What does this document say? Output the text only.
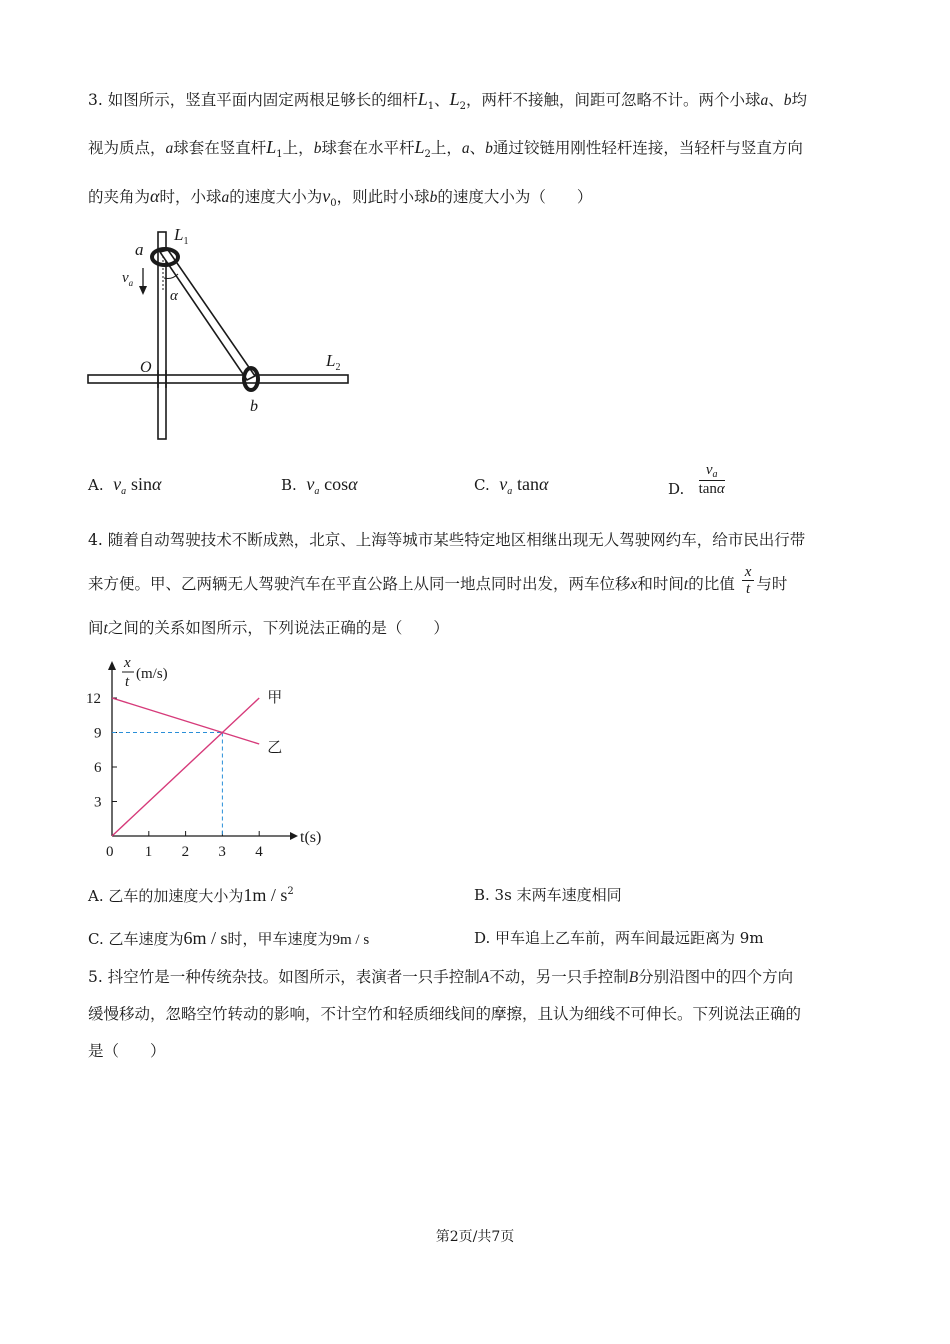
3. 如图所示，竖直平面内固定两根足够长的细杆$L_1$、$L_2$，两杆不接触，间距可忽略不计。两个小球a、b均
视为质点，a球套在竖直杆$L_1$上，b球套在水平杆$L_2$上，a、b通过铰链用刚性轻杆连接，当轻杆与竖直方向
的夹角为α时，小球a的速度大小为$v_0$，则此时小球b的速度大小为（　　）
a
$L_1$
$v_a$
α
O	$L_2$
b
A. $v_a$ sinα	B. $v_a$ cosα	C. $v_a$ tanα	D. $\frac{v_a}{\tan\alpha}$
4. 随着自动驾驶技术不断成熟，北京、上海等城市某些特定地区相继出现无人驾驶网约车，给市民出行带
来方便。甲、乙两辆无人驾驶汽车在平直公路上从同一地点同时出发，两车位移x和时间t的比值 $\frac{x}{t}$ 与时
间t之间的关系如图所示，下列说法正确的是（　　）
0 1 2 3 4
3
6
9
12
x
t (m/s)
t(s)
甲
乙
A. 乙车的加速度大小为$1m / s^2$	B. 3s 末两车速度相同
C. 乙车速度为6m / s时，甲车速度为9m / s	D. 甲车追上乙车前，两车间最远距离为 9m
5. 抖空竹是一种传统杂技。如图所示，表演者一只手控制A不动，另一只手控制B分别沿图中的四个方向
缓慢移动，忽略空竹转动的影响，不计空竹和轻质细线间的摩擦，且认为细线不可伸长。下列说法正确的
是（　　）
第2页/共7页
